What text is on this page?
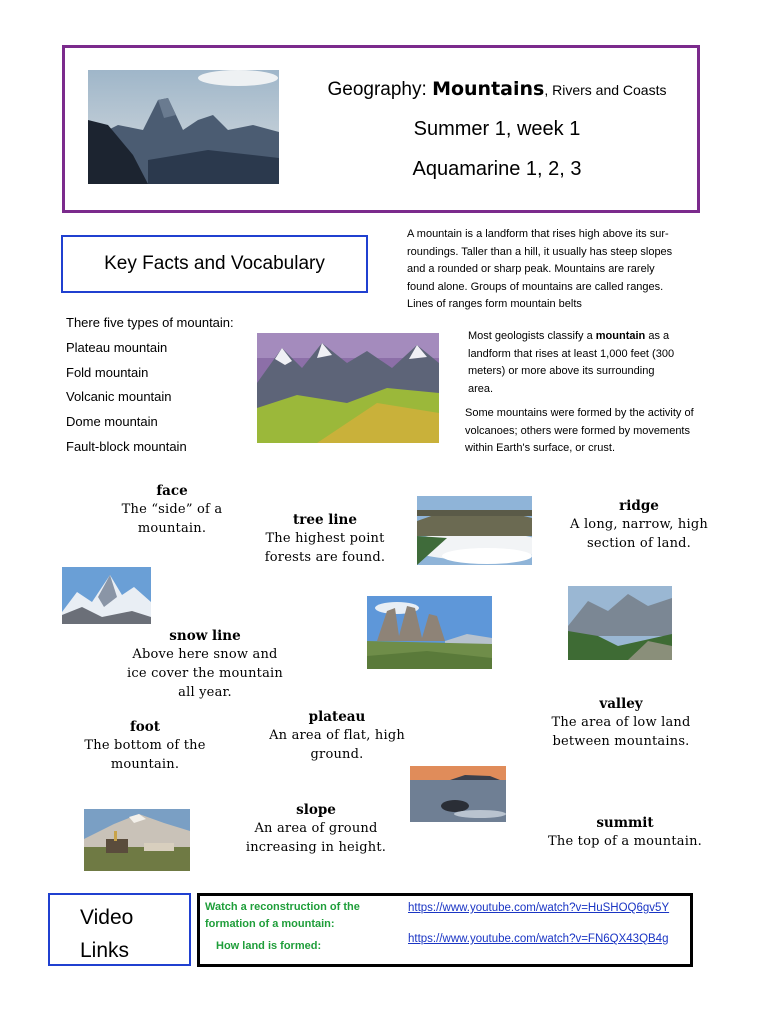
Geography: Mountains, Rivers and Coasts
Summer 1, week 1
Aquamarine 1, 2, 3
Key Facts and Vocabulary
A mountain is a landform that rises high above its sur-
roundings. Taller than a hill, it usually has steep slopes
and a rounded or sharp peak. Mountains are rarely
found alone. Groups of mountains are called ranges.
Lines of ranges form mountain belts
There five types of mountain:
Plateau mountain
Fold mountain
Volcanic mountain
Dome mountain
Fault-block mountain
Most geologists classify a mountain as a
landform that rises at least 1,000 feet (300
meters) or more above its surrounding
area.
Some mountains were formed by the activity of
volcanoes; others were formed by movements
within Earth's surface, or crust.
face
The “side” of a
mountain.
tree line
The highest point
forests are found.
ridge
A long, narrow, high
section of land.
snow line
Above here snow and
ice cover the mountain
all year.
valley
The area of low land
between mountains.
foot
The bottom of the
mountain.
plateau
An area of flat, high
ground.
slope
An area of ground
increasing in height.
summit
The top of a mountain.
Video
Links
Watch a reconstruction of the
formation of a mountain:
How land is formed:
https://www.youtube.com/watch?v=HuSHOQ6gv5Y
https://www.youtube.com/watch?v=FN6QX43QB4g
